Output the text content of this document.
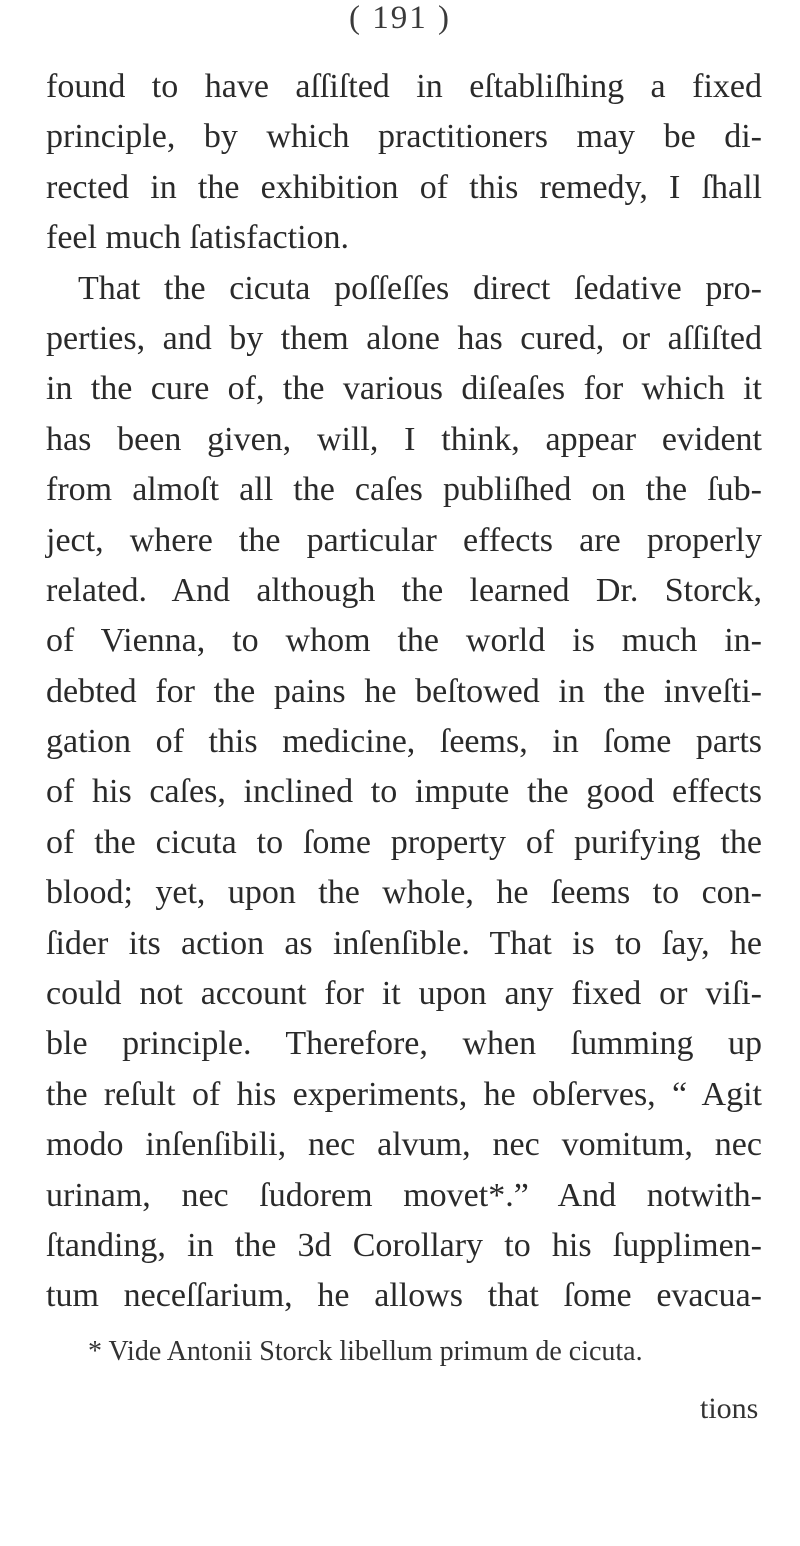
( 191 )
found to have aſſiſted in eſtabliſhing a fixed
principle, by which practitioners may be di-
rected in the exhibition of this remedy, I ſhall
feel much ſatisfaction.
That the cicuta poſſeſſes direct ſedative pro-
perties, and by them alone has cured, or aſſiſted
in the cure of, the various diſeaſes for which it
has been given, will, I think, appear evident
from almoſt all the caſes publiſhed on the ſub-
ject, where the particular effects are properly
related. And although the learned Dr. Storck,
of Vienna, to whom the world is much in-
debted for the pains he beſtowed in the inveſti-
gation of this medicine, ſeems, in ſome parts
of his caſes, inclined to impute the good effects
of the cicuta to ſome property of purifying the
blood; yet, upon the whole, he ſeems to con-
ſider its action as inſenſible. That is to ſay, he
could not account for it upon any fixed or viſi-
ble principle. Therefore, when ſumming up
the reſult of his experiments, he obſerves, “ Agit
modo inſenſibili, nec alvum, nec vomitum, nec
urinam, nec ſudorem movet*.” And notwith-
ſtanding, in the 3d Corollary to his ſupplimen-
tum neceſſarium, he allows that ſome evacua-
* Vide Antonii Storck libellum primum de cicuta.
tions
